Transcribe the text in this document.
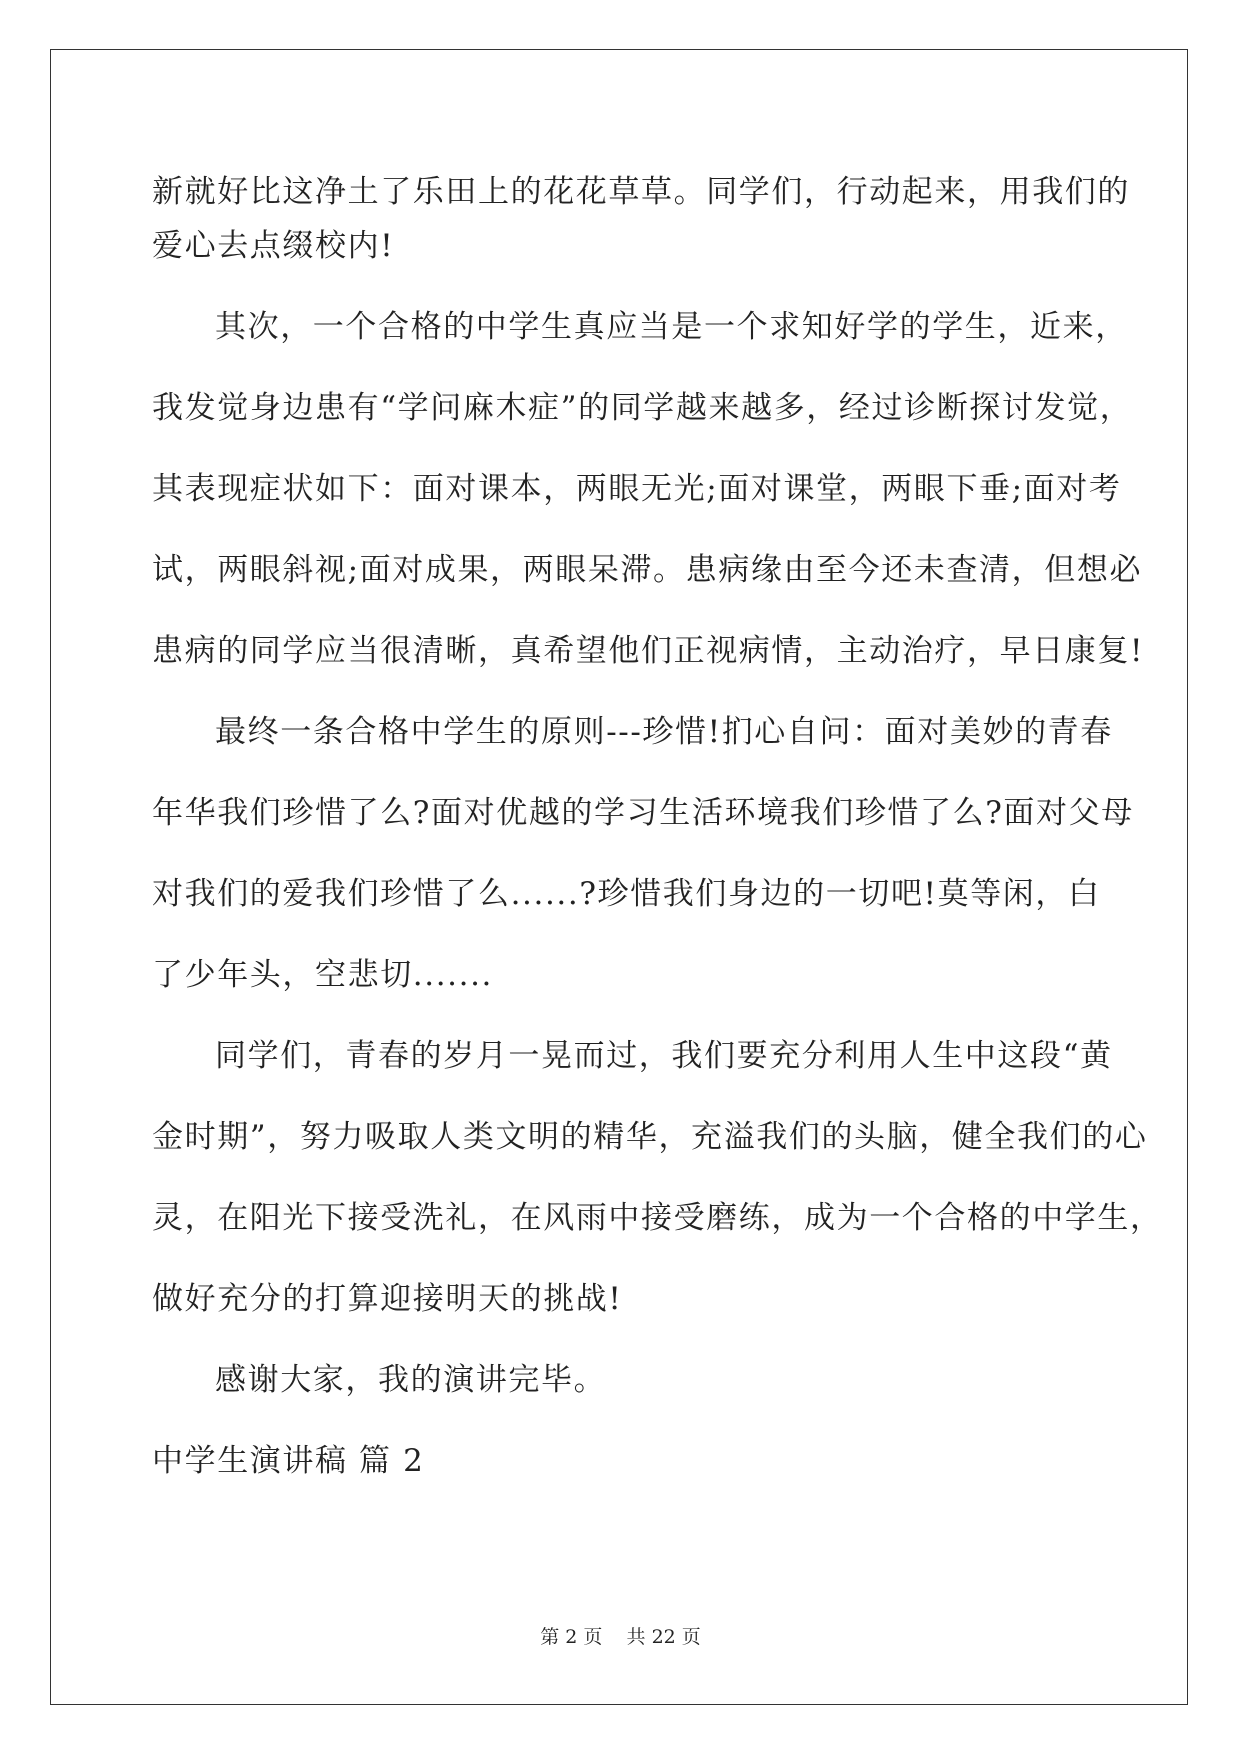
新就好比这净土了乐田上的花花草草。同学们，行动起来，用我们的
爱心去点缀校内!
其次，一个合格的中学生真应当是一个求知好学的学生，近来，
我发觉身边患有“学问麻木症”的同学越来越多，经过诊断探讨发觉，
其表现症状如下：面对课本，两眼无光;面对课堂，两眼下垂;面对考
试，两眼斜视;面对成果，两眼呆滞。患病缘由至今还未查清，但想必
患病的同学应当很清晰，真希望他们正视病情，主动治疗，早日康复!
最终一条合格中学生的原则---珍惜!扪心自问：面对美妙的青春
年华我们珍惜了么?面对优越的学习生活环境我们珍惜了么?面对父母
对我们的爱我们珍惜了么......?珍惜我们身边的一切吧!莫等闲，白
了少年头，空悲切.......
同学们，青春的岁月一晃而过，我们要充分利用人生中这段“黄
金时期”，努力吸取人类文明的精华，充溢我们的头脑，健全我们的心
灵，在阳光下接受洗礼，在风雨中接受磨练，成为一个合格的中学生，
做好充分的打算迎接明天的挑战!
感谢大家，我的演讲完毕。
中学生演讲稿 篇 2
第 2 页    共 22 页
